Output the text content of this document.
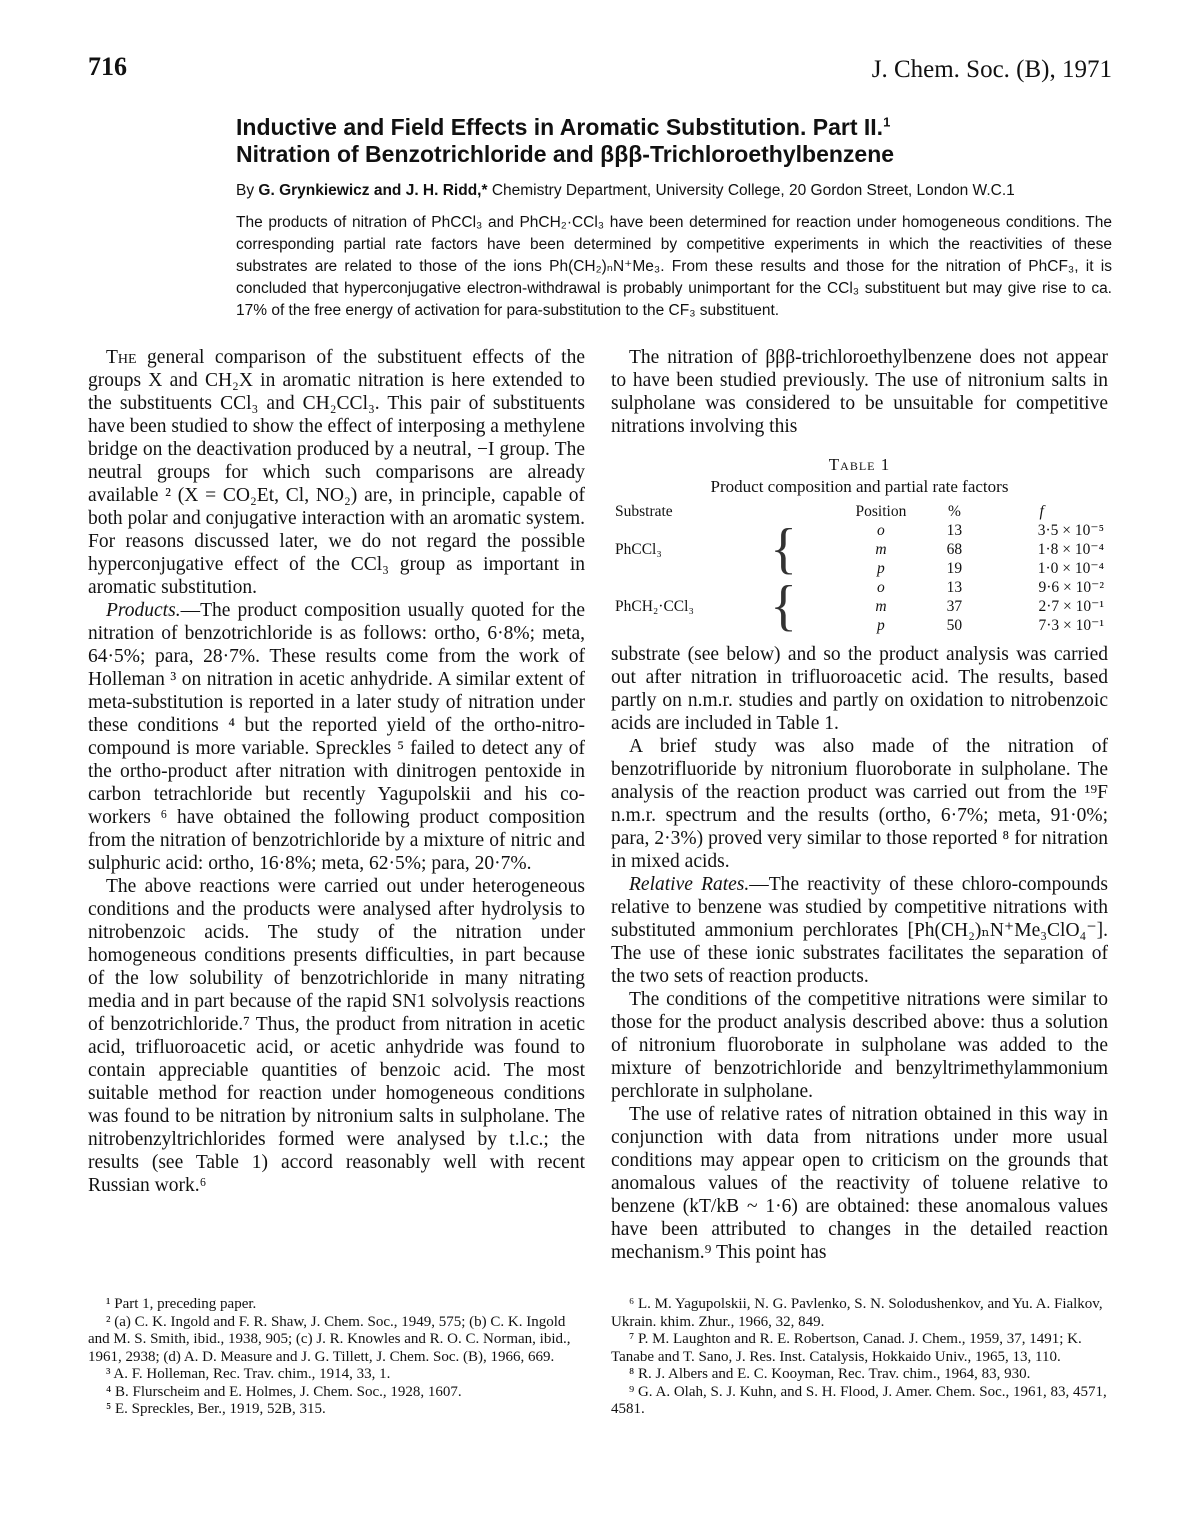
716	J. Chem. Soc. (B), 1971
Inductive and Field Effects in Aromatic Substitution. Part II.$^1$
Nitration of Benzotrichloride and βββ-Trichloroethylbenzene
By G. Grynkiewicz and J. H. Ridd,* Chemistry Department, University College, 20 Gordon Street, London W.C.1
The products of nitration of PhCCl₃ and PhCH₂·CCl₃ have been determined for reaction under homogeneous conditions. The corresponding partial rate factors have been determined by competitive experiments in which the reactivities of these substrates are related to those of the ions Ph(CH₂)ₙN⁺Me₃. From these results and those for the nitration of PhCF₃, it is concluded that hyperconjugative electron-withdrawal is probably unimportant for the CCl₃ substituent but may give rise to ca. 17% of the free energy of activation for para-substitution to the CF₃ substituent.

The general comparison of the substituent effects of the groups X and CH₂X in aromatic nitration is here extended to the substituents CCl₃ and CH₂CCl₃. This pair of substituents have been studied to show the effect of interposing a methylene bridge on the deactivation produced by a neutral, −I group. The neutral groups for which such comparisons are already available ² (X = CO₂Et, Cl, NO₂) are, in principle, capable of both polar and conjugative interaction with an aromatic system. For reasons discussed later, we do not regard the possible hyperconjugative effect of the CCl₃ group as important in aromatic substitution.

Products.—The product composition usually quoted for the nitration of benzotrichloride is as follows: ortho, 6·8%; meta, 64·5%; para, 28·7%. These results come from the work of Holleman ³ on nitration in acetic anhydride. A similar extent of meta-substitution is reported in a later study of nitration under these conditions ⁴ but the reported yield of the ortho-nitro-compound is more variable. Spreckles ⁵ failed to detect any of the ortho-product after nitration with dinitrogen pentoxide in carbon tetrachloride but recently Yagupolskii and his co-workers ⁶ have obtained the following product composition from the nitration of benzotrichloride by a mixture of nitric and sulphuric acid: ortho, 16·8%; meta, 62·5%; para, 20·7%.

The above reactions were carried out under heterogeneous conditions and the products were analysed after hydrolysis to nitrobenzoic acids. The study of the nitration under homogeneous conditions presents difficulties, in part because of the low solubility of benzotrichloride in many nitrating media and in part because of the rapid SN1 solvolysis reactions of benzotrichloride.⁷ Thus, the product from nitration in acetic acid, trifluoroacetic acid, or acetic anhydride was found to contain appreciable quantities of benzoic acid. The most suitable method for reaction under homogeneous conditions was found to be nitration by nitronium salts in sulpholane. The nitrobenzyltrichlorides formed were analysed by t.l.c.; the results (see Table 1) accord reasonably well with recent Russian work.⁶

The nitration of βββ-trichloroethylbenzene does not appear to have been studied previously. The use of nitronium salts in sulpholane was considered to be unsuitable for competitive nitrations involving this

Table 1
Product composition and partial rate factors
Substrate		Position	%	f
PhCCl₃	{	o	13	3·5 × 10⁻⁵
		m	68	1·8 × 10⁻⁴
		p	19	1·0 × 10⁻⁴
PhCH₂·CCl₃	{	o	13	9·6 × 10⁻²
		m	37	2·7 × 10⁻¹
		p	50	7·3 × 10⁻¹

substrate (see below) and so the product analysis was carried out after nitration in trifluoroacetic acid. The results, based partly on n.m.r. studies and partly on oxidation to nitrobenzoic acids are included in Table 1.

A brief study was also made of the nitration of benzotrifluoride by nitronium fluoroborate in sulpholane. The analysis of the reaction product was carried out from the ¹⁹F n.m.r. spectrum and the results (ortho, 6·7%; meta, 91·0%; para, 2·3%) proved very similar to those reported ⁸ for nitration in mixed acids.

Relative Rates.—The reactivity of these chloro-compounds relative to benzene was studied by competitive nitrations with substituted ammonium perchlorates [Ph(CH₂)ₙN⁺Me₃ClO₄⁻]. The use of these ionic substrates facilitates the separation of the two sets of reaction products.

The conditions of the competitive nitrations were similar to those for the product analysis described above: thus a solution of nitronium fluoroborate in sulpholane was added to the mixture of benzotrichloride and benzyltrimethylammonium perchlorate in sulpholane.

The use of relative rates of nitration obtained in this way in conjunction with data from nitrations under more usual conditions may appear open to criticism on the grounds that anomalous values of the reactivity of toluene relative to benzene (kT/kB ~ 1·6) are obtained: these anomalous values have been attributed to changes in the detailed reaction mechanism.⁹ This point has

¹ Part 1, preceding paper.
² (a) C. K. Ingold and F. R. Shaw, J. Chem. Soc., 1949, 575; (b) C. K. Ingold and M. S. Smith, ibid., 1938, 905; (c) J. R. Knowles and R. O. C. Norman, ibid., 1961, 2938; (d) A. D. Measure and J. G. Tillett, J. Chem. Soc. (B), 1966, 669.
³ A. F. Holleman, Rec. Trav. chim., 1914, 33, 1.
⁴ B. Flurscheim and E. Holmes, J. Chem. Soc., 1928, 1607.
⁵ E. Spreckles, Ber., 1919, 52B, 315.
⁶ L. M. Yagupolskii, N. G. Pavlenko, S. N. Solodushenkov, and Yu. A. Fialkov, Ukrain. khim. Zhur., 1966, 32, 849.
⁷ P. M. Laughton and R. E. Robertson, Canad. J. Chem., 1959, 37, 1491; K. Tanabe and T. Sano, J. Res. Inst. Catalysis, Hokkaido Univ., 1965, 13, 110.
⁸ R. J. Albers and E. C. Kooyman, Rec. Trav. chim., 1964, 83, 930.
⁹ G. A. Olah, S. J. Kuhn, and S. H. Flood, J. Amer. Chem. Soc., 1961, 83, 4571, 4581.
